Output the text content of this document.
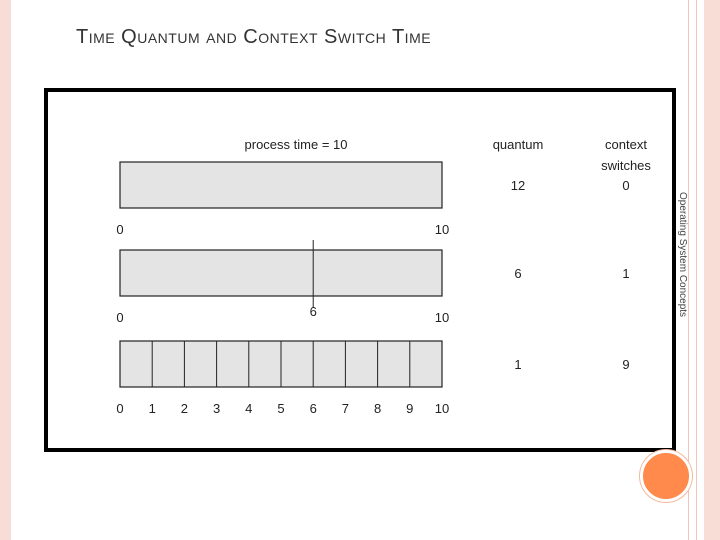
Time Quantum and Context Switch Time
process time = 10	quantum	context
switches
0	10
12	0
0	6	10
6	1
0 1 2 3 4 5 6 7 8 9 10
1	9
Operating System Concepts
